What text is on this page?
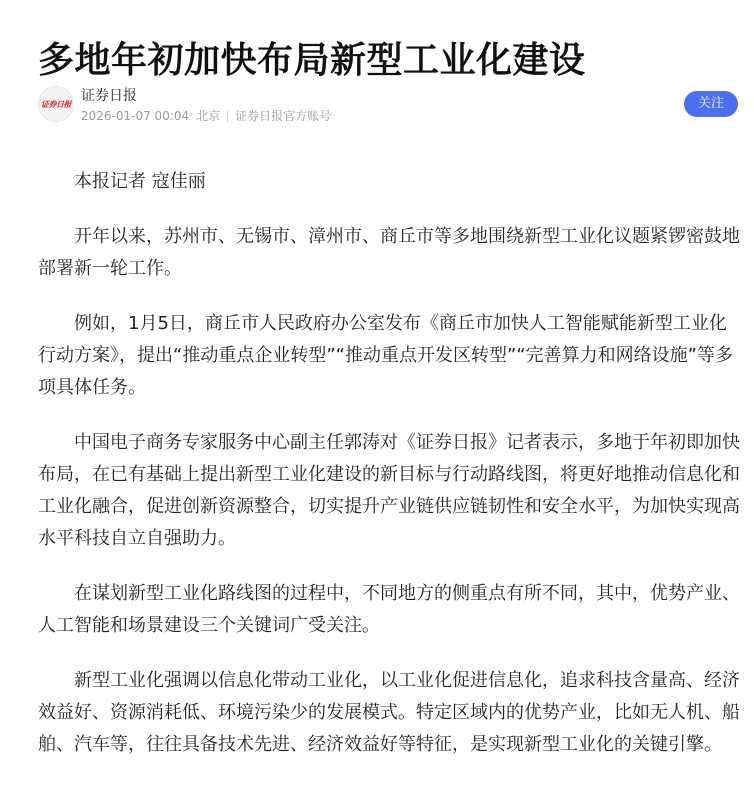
多地年初加快布局新型工业化建设
证券日报 证券日报
2026-01-07 00:04 北京 证券日报官方账号
关注

本报记者 寇佳丽

开年以来，苏州市、无锡市、漳州市、商丘市等多地围绕新型工业化议题紧锣密鼓地部署新一轮工作。

例如，1月5日，商丘市人民政府办公室发布《商丘市加快人工智能赋能新型工业化行动方案》，提出“推动重点企业转型”“推动重点开发区转型”“完善算力和网络设施”等多项具体任务。

中国电子商务专家服务中心副主任郭涛对《证券日报》记者表示，多地于年初即加快布局，在已有基础上提出新型工业化建设的新目标与行动路线图，将更好地推动信息化和工业化融合，促进创新资源整合，切实提升产业链供应链韧性和安全水平，为加快实现高水平科技自立自强助力。

在谋划新型工业化路线图的过程中，不同地方的侧重点有所不同，其中，优势产业、人工智能和场景建设三个关键词广受关注。

新型工业化强调以信息化带动工业化，以工业化促进信息化，追求科技含量高、经济效益好、资源消耗低、环境污染少的发展模式。特定区域内的优势产业，比如无人机、船舶、汽车等，往往具备技术先进、经济效益好等特征，是实现新型工业化的关键引擎。
